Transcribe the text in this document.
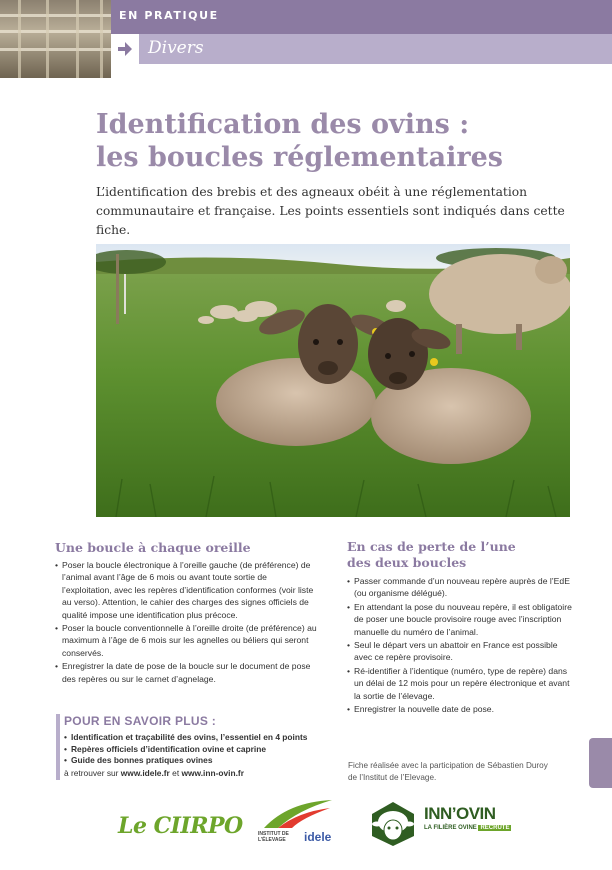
EN PRATIQUE
Divers
Identification des ovins :
les boucles réglementaires

L’identification des brebis et des agneaux obéit à une réglementation communautaire et française. Les points essentiels sont indiqués dans cette fiche.

Une boucle à chaque oreille
• Poser la boucle électronique à l’oreille gauche (de préférence) de l’animal avant l’âge de 6 mois ou avant toute sortie de l’exploitation, avec les repères d’identification conformes (voir liste au verso). Attention, le cahier des charges des signes officiels de qualité impose une identification plus précoce.
• Poser la boucle conventionnelle à l’oreille droite (de préférence) au maximum à l’âge de 6 mois sur les agnelles ou béliers qui seront conservés.
• Enregistrer la date de pose de la boucle sur le document de pose des repères ou sur le carnet d’agnelage.
En cas de perte de l’une
des deux boucles
• Passer commande d’un nouveau repère auprès de l’EdE (ou organisme délégué).
• En attendant la pose du nouveau repère, il est obligatoire de poser une boucle provisoire rouge avec l’inscription manuelle du numéro de l’animal.
• Seul le départ vers un abattoir en France est possible avec ce repère provisoire.
• Ré-identifier à l’identique (numéro, type de repère) dans un délai de 12 mois pour un repère électronique et avant la sortie de l’élevage.
• Enregistrer la nouvelle date de pose.
POUR EN SAVOIR PLUS :
• Identification et traçabilité des ovins, l’essentiel en 4 points
• Repères officiels d’identification ovine et caprine
• Guide des bonnes pratiques ovines
à retrouver sur www.idele.fr et www.inn-ovin.fr
Fiche réalisée avec la participation de Sébastien Duroy
de l’Institut de l’Elevage.
Le CIIRPO	INSTITUT DE
L’ÉLEVAGE	idele
INN’OVIN
LA FILIÈRE OVINE RECRUTE
